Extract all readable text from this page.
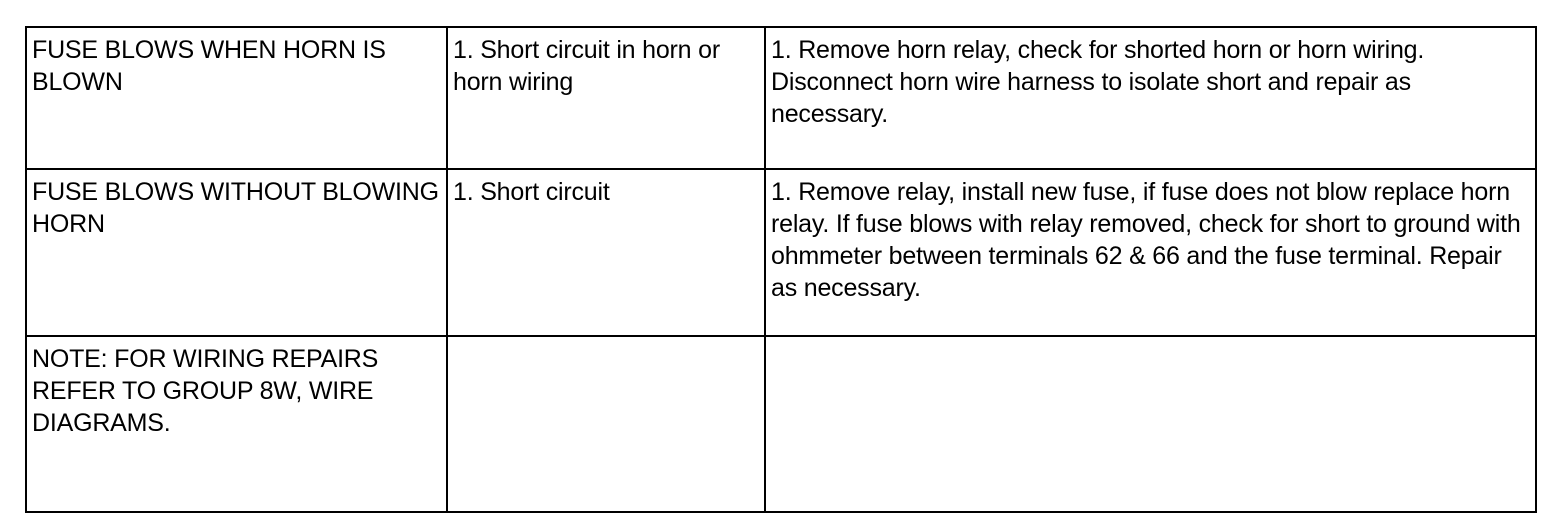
FUSE BLOWS WHEN HORN IS BLOWN	1. Short circuit in horn or horn wiring	1. Remove horn relay, check for shorted horn or horn wiring. Disconnect horn wire harness to isolate short and repair as necessary.
FUSE BLOWS WITHOUT BLOWING HORN	1. Short circuit	1. Remove relay, install new fuse, if fuse does not blow replace horn relay. If fuse blows with relay removed, check for short to ground with ohmmeter between terminals 62 & 66 and the fuse terminal. Repair as necessary.
NOTE: FOR WIRING REPAIRS REFER TO GROUP 8W, WIRE DIAGRAMS.		
